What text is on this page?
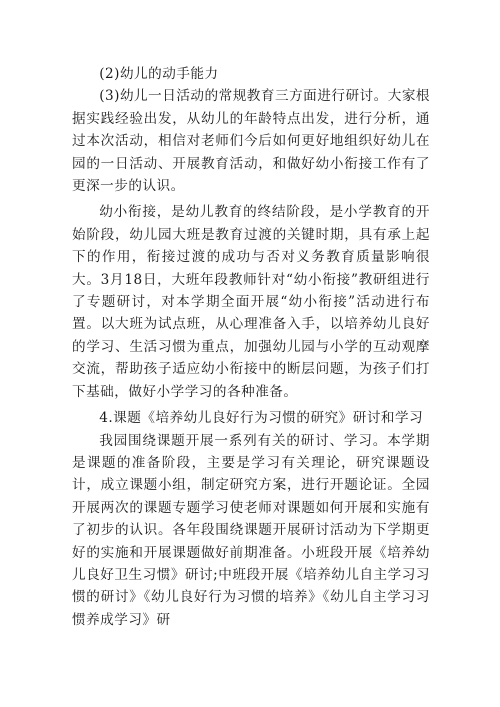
(2)幼儿的动手能力

(3)幼儿一日活动的常规教育三方面进行研讨。大家根据实践经验出发，从幼儿的年龄特点出发，进行分析，通过本次活动，相信对老师们今后如何更好地组织好幼儿在园的一日活动、开展教育活动，和做好幼小衔接工作有了更深一步的认识。

幼小衔接，是幼儿教育的终结阶段，是小学教育的开始阶段，幼儿园大班是教育过渡的关键时期，具有承上起下的作用，衔接过渡的成功与否对义务教育质量影响很大。3月18日，大班年段教师针对“幼小衔接”教研组进行了专题研讨，对本学期全面开展“幼小衔接”活动进行布置。以大班为试点班，从心理准备入手，以培养幼儿良好的学习、生活习惯为重点，加强幼儿园与小学的互动观摩交流，帮助孩子适应幼小衔接中的断层问题，为孩子们打下基础，做好小学学习的各种准备。

4.课题《培养幼儿良好行为习惯的研究》研讨和学习

我园围绕课题开展一系列有关的研讨、学习。本学期是课题的准备阶段，主要是学习有关理论，研究课题设计，成立课题小组，制定研究方案，进行开题论证。全园开展两次的课题专题学习使老师对课题如何开展和实施有了初步的认识。各年段围绕课题开展研讨活动为下学期更好的实施和开展课题做好前期准备。小班段开展《培养幼儿良好卫生习惯》研讨;中班段开展《培养幼儿自主学习习惯的研讨》《幼儿良好行为习惯的培养》《幼儿自主学习习惯养成学习》研
